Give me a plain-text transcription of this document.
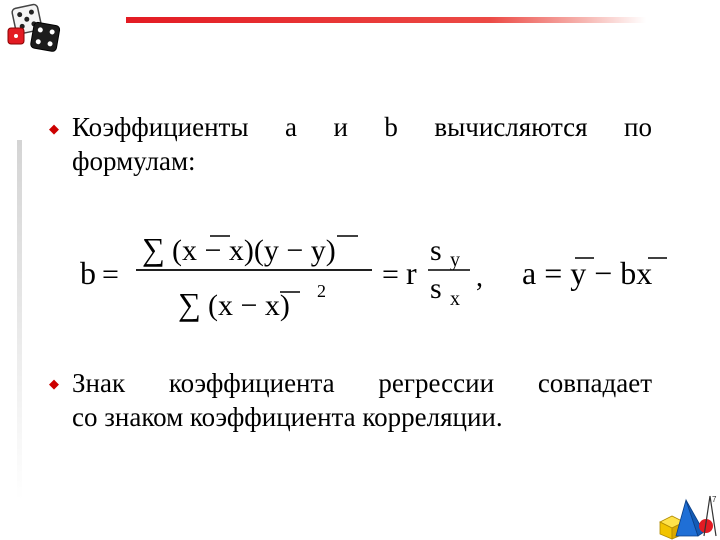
◆ Коэффициенты a и b вычисляются по
формулам:
b =
∑ (x − x)(y − y)
∑ (x − x) 2 = r
s y
s x
, a = y − bx
◆ Знак коэффициента регрессии совпадает
со знаком коэффициента корреляции.
7
